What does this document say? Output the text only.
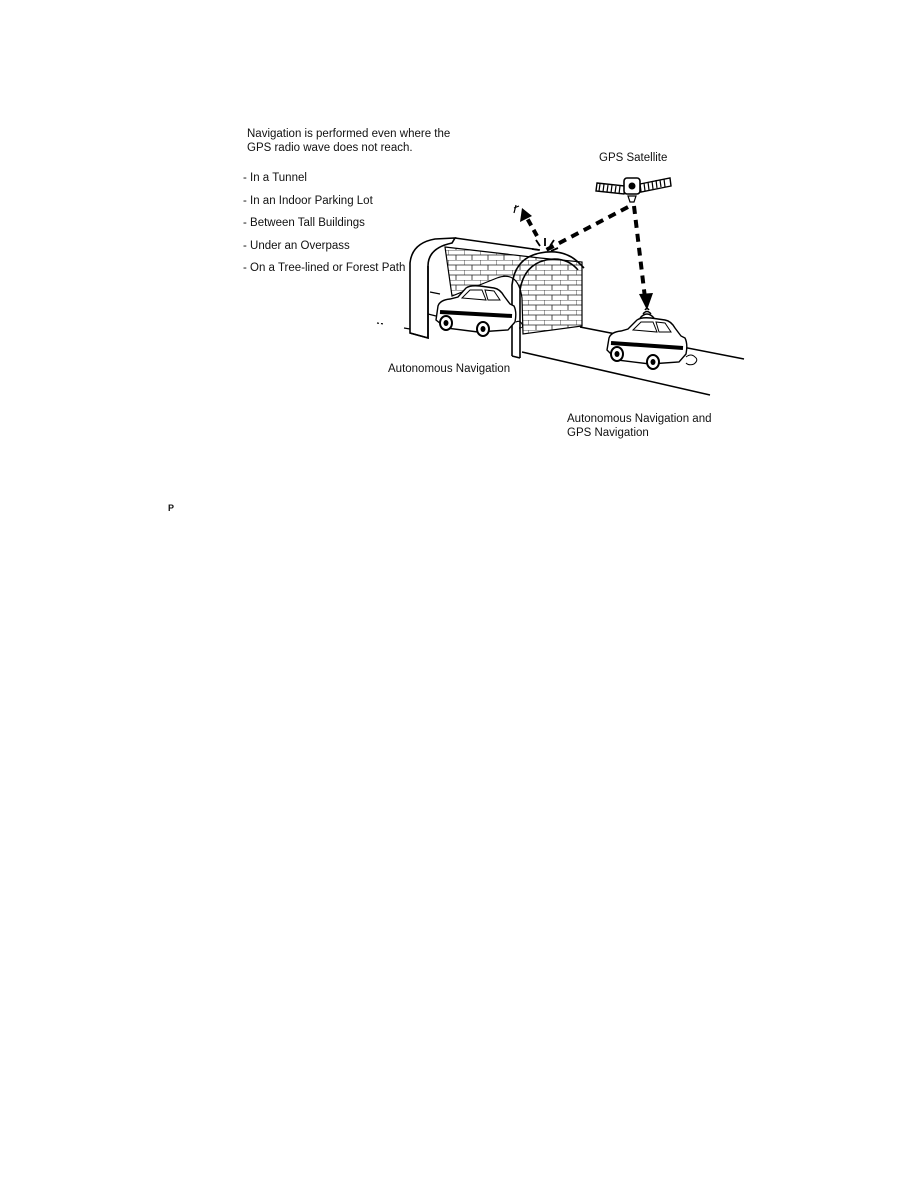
Navigation is performed even where the
GPS radio wave does not reach.
- In a Tunnel
- In an Indoor Parking Lot
- Between Tall Buildings
- Under an Overpass
- On a Tree-lined or Forest Path
GPS Satellite
Autonomous Navigation
Autonomous Navigation and
GPS Navigation
P
